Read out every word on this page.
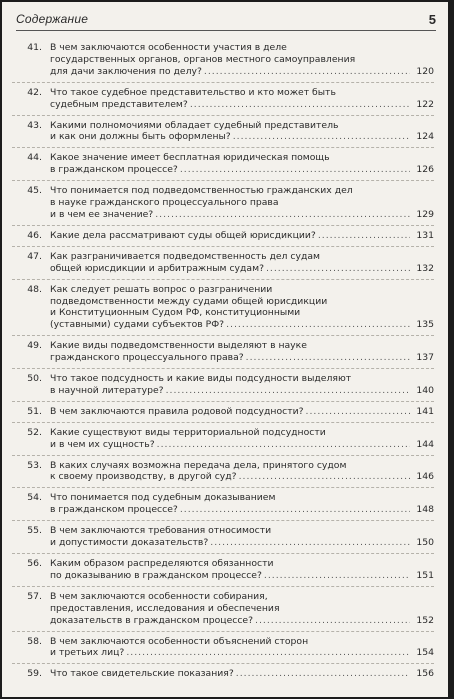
Содержание	5
41. В чем заключаются особенности участия в деле
государственных органов, органов местного самоуправления
для дачи заключения по делу? .....	120
42. Что такое судебное представительство и кто может быть
судебным представителем? .....	122
43. Какими полномочиями обладает судебный представитель
и как они должны быть оформлены? .....	124
44. Какое значение имеет бесплатная юридическая помощь
в гражданском процессе? .....	126
45. Что понимается под подведомственностью гражданских дел
в науке гражданского процессуального права
и в чем ее значение? .....	129
46. Какие дела рассматривают суды общей юрисдикции? .....	131
47. Как разграничивается подведомственность дел судам
общей юрисдикции и арбитражным судам? .....	132
48. Как следует решать вопрос о разграничении
подведомственности между судами общей юрисдикции
и Конституционным Судом РФ, конституционными
(уставными) судами субъектов РФ? .....	135
49. Какие виды подведомственности выделяют в науке
гражданского процессуального права? .....	137
50. Что такое подсудность и какие виды подсудности выделяют
в научной литературе? .....	140
51. В чем заключаются правила родовой подсудности? .....	141
52. Какие существуют виды территориальной подсудности
и в чем их сущность? .....	144
53. В каких случаях возможна передача дела, принятого судом
к своему производству, в другой суд? .....	146
54. Что понимается под судебным доказыванием
в гражданском процессе? .....	148
55. В чем заключаются требования относимости
и допустимости доказательств? .....	150
56. Каким образом распределяются обязанности
по доказыванию в гражданском процессе? .....	151
57. В чем заключаются особенности собирания,
предоставления, исследования и обеспечения
доказательств в гражданском процессе? .....	152
58. В чем заключаются особенности объяснений сторон
и третьих лиц? .....	154
59. Что такое свидетельские показания? .....	156
